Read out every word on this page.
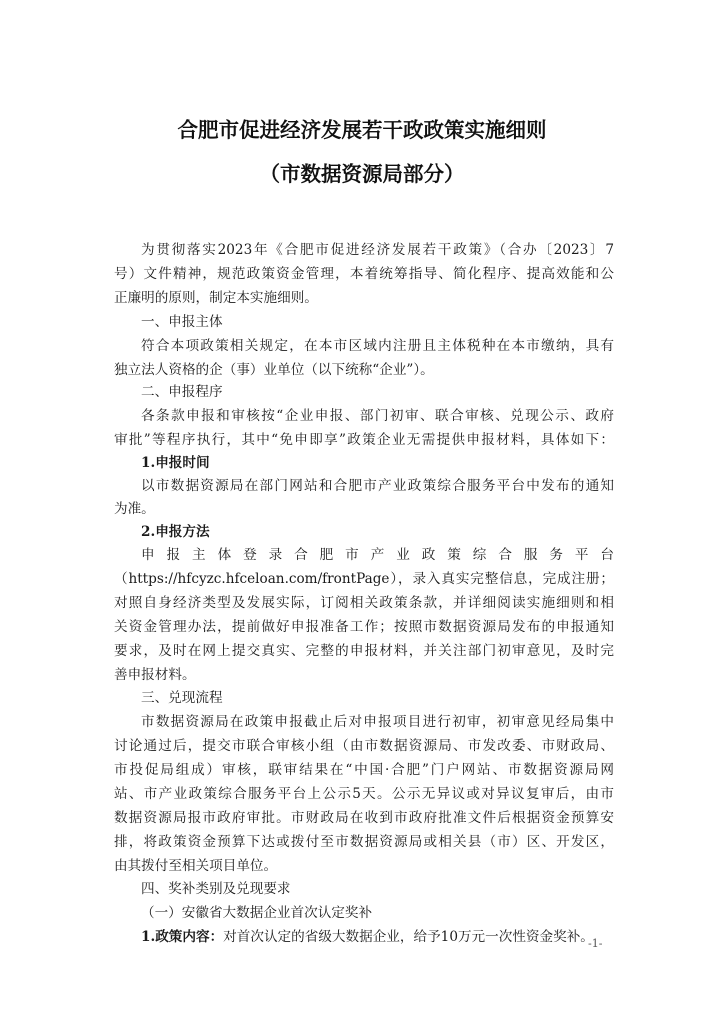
合肥市促进经济发展若干政政策实施细则
（市数据资源局部分）
为贯彻落实2023年《合肥市促进经济发展若干政策》（合办〔2023〕7
号）文件精神，规范政策资金管理，本着统筹指导、简化程序、提高效能和公
正廉明的原则，制定本实施细则。
一、申报主体
符合本项政策相关规定，在本市区域内注册且主体税种在本市缴纳，具有
独立法人资格的企（事）业单位（以下统称“企业”）。
二、申报程序
各条款申报和审核按“企业申报、部门初审、联合审核、兑现公示、政府
审批”等程序执行，其中“免申即享”政策企业无需提供申报材料，具体如下：
1.申报时间
以市数据资源局在部门网站和合肥市产业政策综合服务平台中发布的通知
为准。
2.申报方法
申报主体登录合肥市产业政策综合服务平台
（https://hfcyzc.hfceloan.com/frontPage），录入真实完整信息，完成注册；
对照自身经济类型及发展实际，订阅相关政策条款，并详细阅读实施细则和相
关资金管理办法，提前做好申报准备工作；按照市数据资源局发布的申报通知
要求，及时在网上提交真实、完整的申报材料，并关注部门初审意见，及时完
善申报材料。
三、兑现流程
市数据资源局在政策申报截止后对申报项目进行初审，初审意见经局集中
讨论通过后，提交市联合审核小组（由市数据资源局、市发改委、市财政局、
市投促局组成）审核，联审结果在“中国·合肥”门户网站、市数据资源局网
站、市产业政策综合服务平台上公示5天。公示无异议或对异议复审后，由市
数据资源局报市政府审批。市财政局在收到市政府批准文件后根据资金预算安
排，将政策资金预算下达或拨付至市数据资源局或相关县（市）区、开发区，
由其拨付至相关项目单位。
四、奖补类别及兑现要求
（一）安徽省大数据企业首次认定奖补
1.政策内容：对首次认定的省级大数据企业，给予10万元一次性资金奖补。
-1-
